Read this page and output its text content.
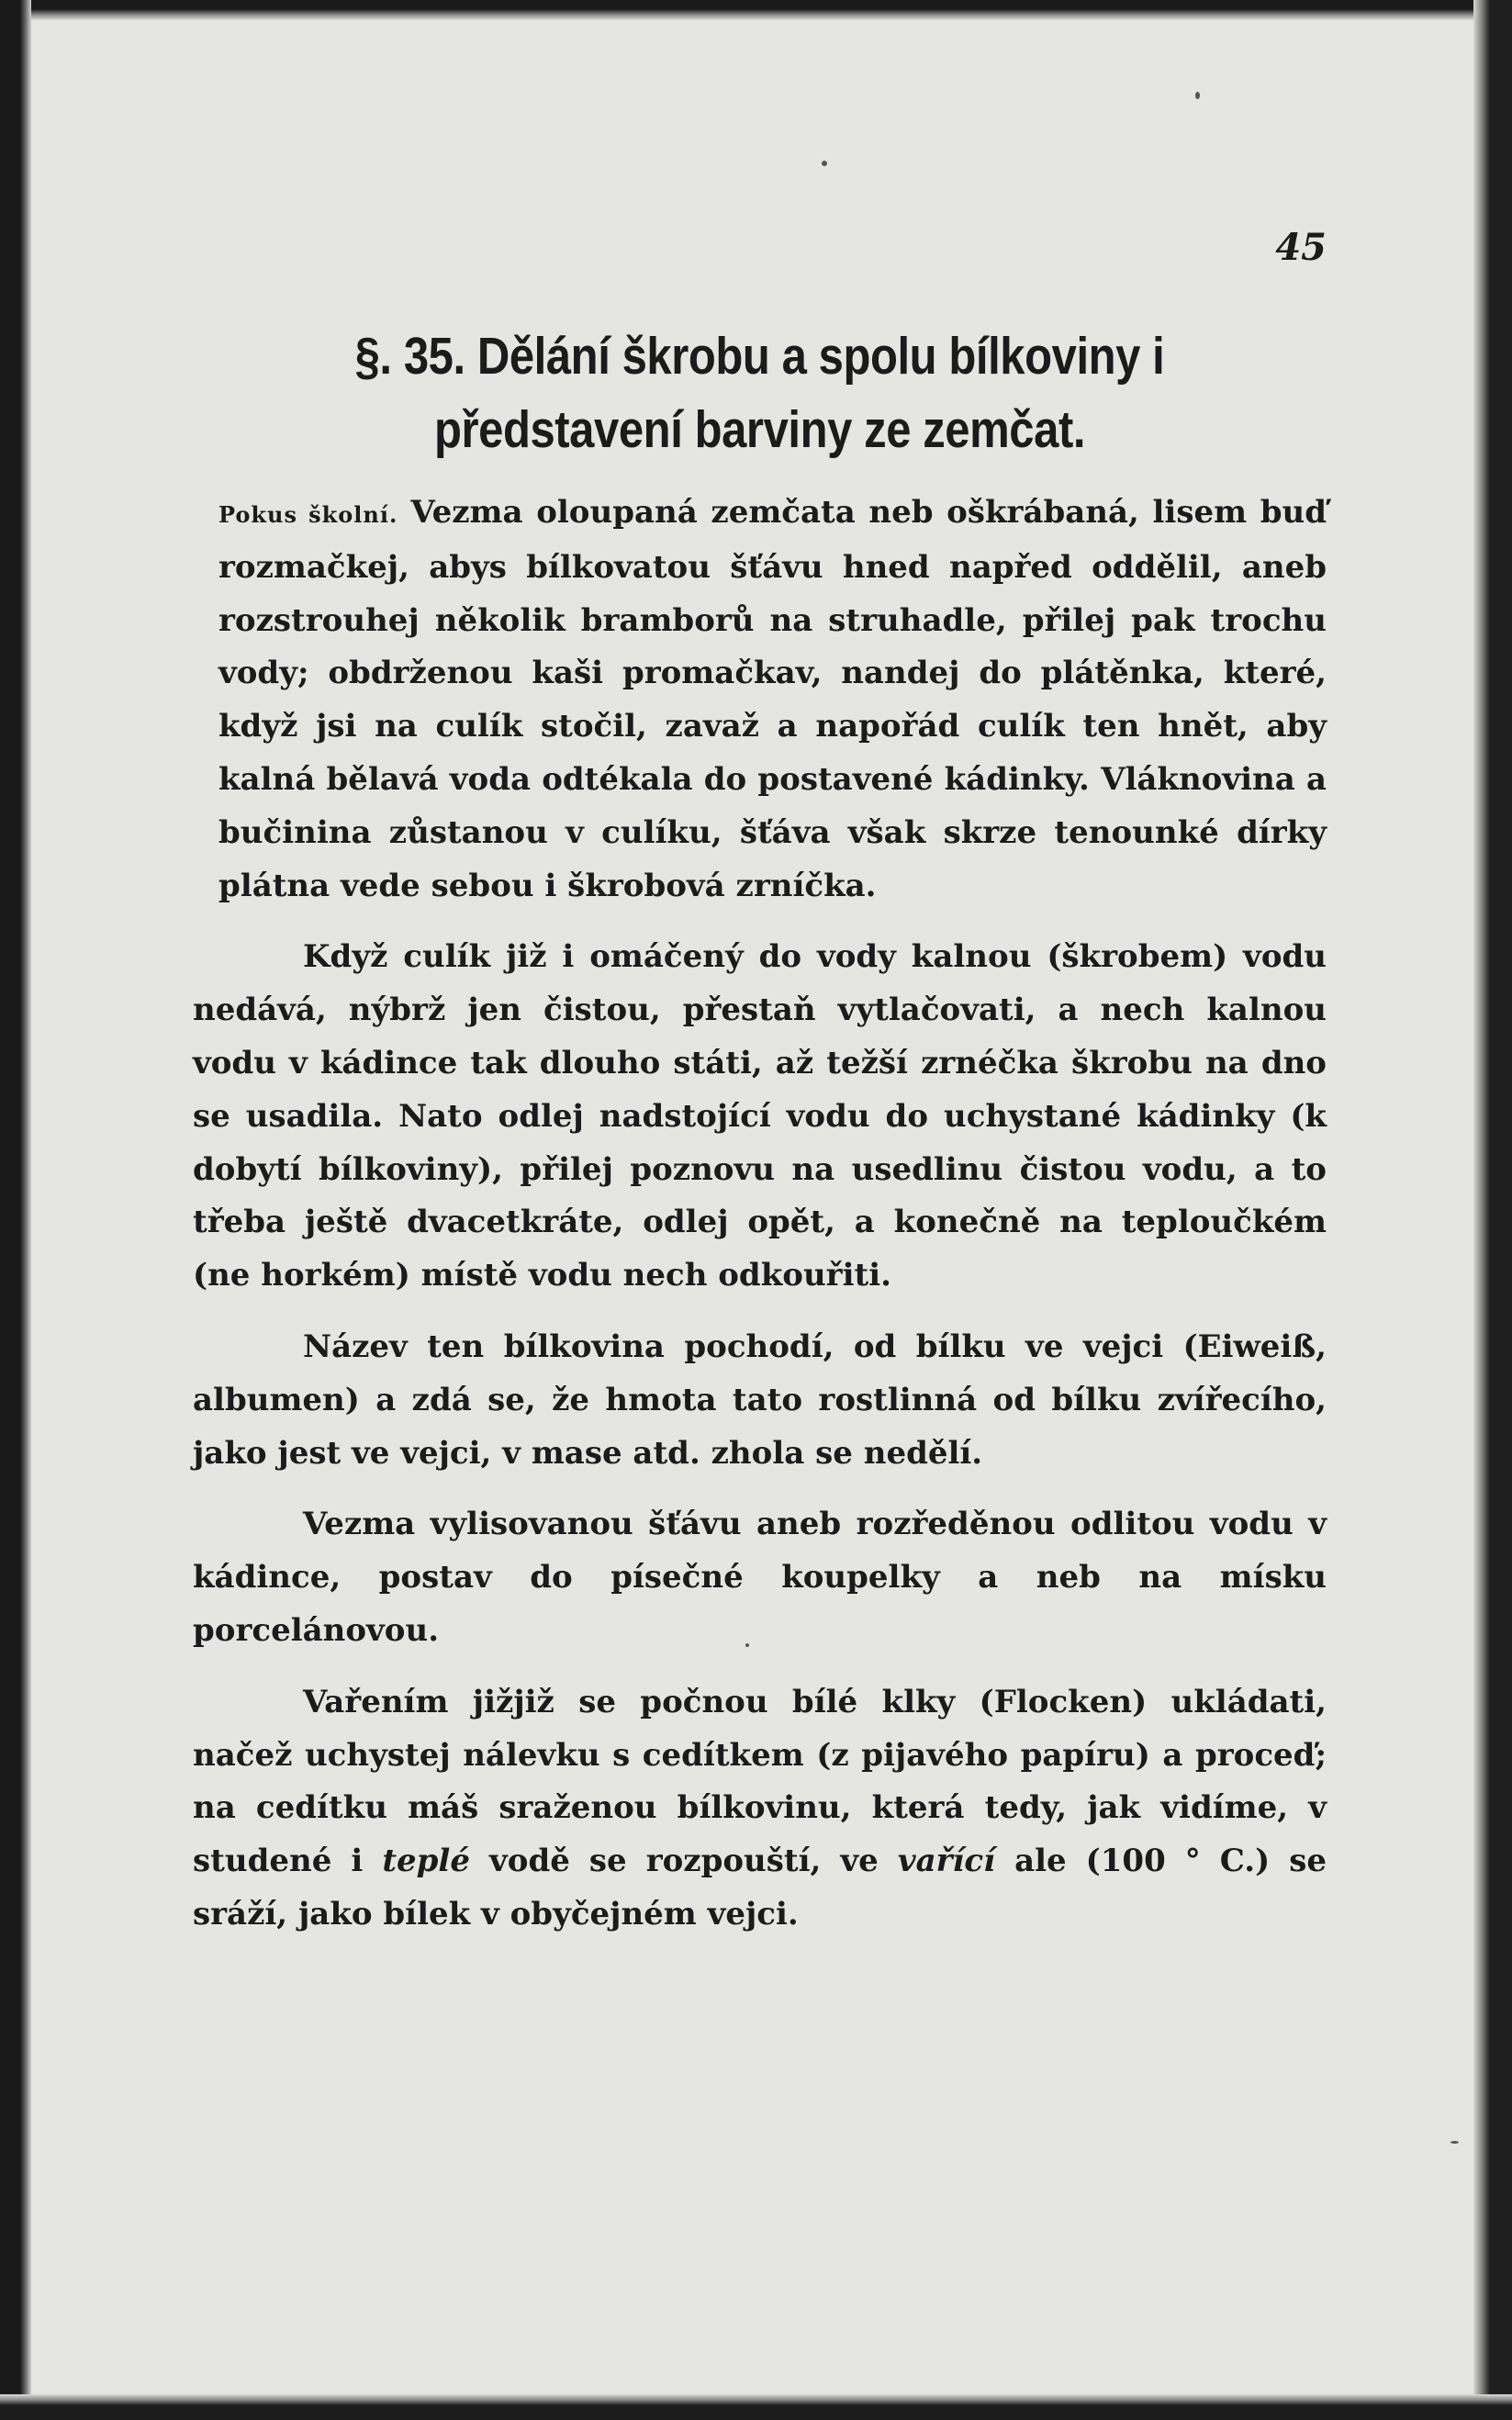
45
§. 35. Dělání škrobu a spolu bílkoviny i představení barviny ze zemčat.

Pokus školní. Vezma oloupaná zemčata neb oškrábaná, lisem buď rozmačkej, abys bílkovatou šťávu hned napřed oddělil, aneb rozstrouhej několik bramborů na struhadle, přilej pak trochu vody; obdrženou kaši promačkav, nandej do plátěnka, které, když jsi na culík stočil, zavaž a napořád culík ten hnět, aby kalná bělavá voda odtékala do postavené kádinky. Vláknovina a bučinina zůstanou v culíku, šťáva však skrze tenounké dírky plátna vede sebou i škrobová zrníčka.

Když culík již i omáčený do vody kalnou (škrobem) vodu nedává, nýbrž jen čistou, přestaň vytlačovati, a nech kalnou vodu v kádince tak dlouho státi, až težší zrnéčka škrobu na dno se usadila. Nato odlej nadstojící vodu do uchystané kádinky (k dobytí bílkoviny), přilej poznovu na usedlinu čistou vodu, a to třeba ještě dvacetkráte, odlej opět, a konečně na teploučkém (ne horkém) místě vodu nech odkouřiti.

Název ten bílkovina pochodí, od bílku ve vejci (Eiweiß, albumen) a zdá se, že hmota tato rostlinná od bílku zvířecího, jako jest ve vejci, v mase atd. zhola se nedělí.

Vezma vylisovanou šťávu aneb rozředěnou odlitou vodu v kádince, postav do písečné koupelky a neb na mísku porcelánovou.

Vařením jižjiž se počnou bílé klky (Flocken) ukládati, načež uchystej nálevku s cedítkem (z pijavého papíru) a proceď; na cedítku máš sraženou bílkovinu, která tedy, jak vidíme, v studené i teplé vodě se rozpouští, ve vařící ale (100 ° C.) se sráží, jako bílek v obyčejném vejci.
